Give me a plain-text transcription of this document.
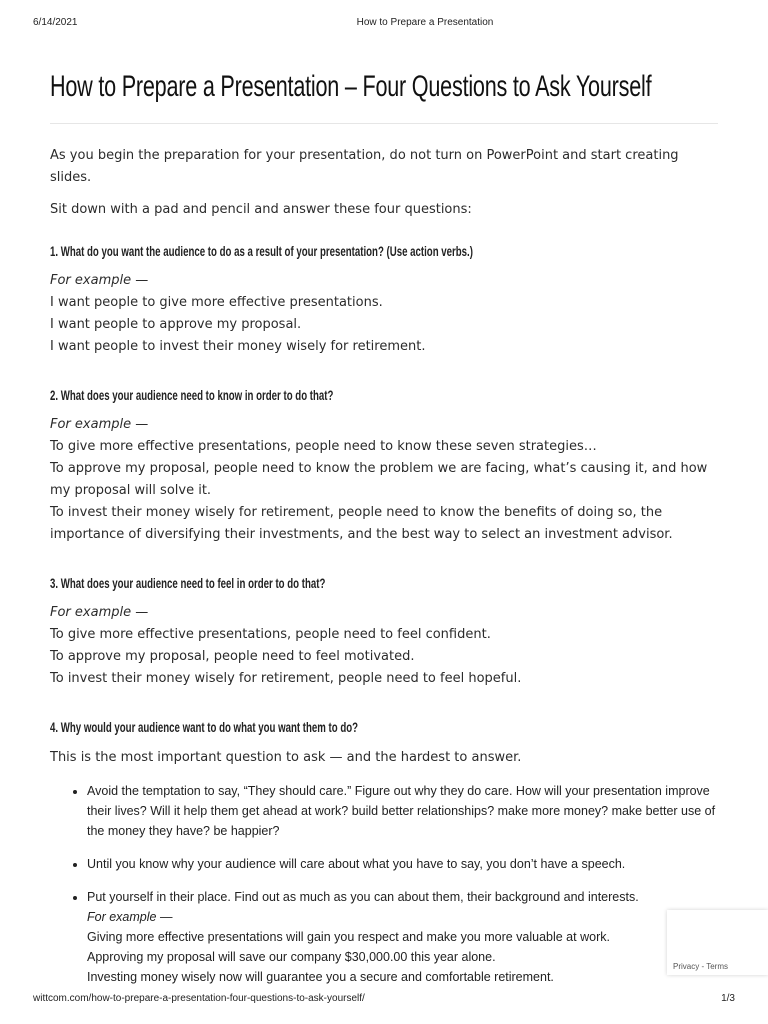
6/14/2021	How to Prepare a Presentation
How to Prepare a Presentation – Four Questions to Ask Yourself

As you begin the preparation for your presentation, do not turn on PowerPoint and start creating slides.

Sit down with a pad and pencil and answer these four questions:

1. What do you want the audience to do as a result of your presentation? (Use action verbs.)

For example —
I want people to give more effective presentations.
I want people to approve my proposal.
I want people to invest their money wisely for retirement.

2. What does your audience need to know in order to do that?

For example —
To give more effective presentations, people need to know these seven strategies…
To approve my proposal, people need to know the problem we are facing, what’s causing it, and how my proposal will solve it.
To invest their money wisely for retirement, people need to know the benefits of doing so, the importance of diversifying their investments, and the best way to select an investment advisor.

3. What does your audience need to feel in order to do that?

For example —
To give more effective presentations, people need to feel confident.
To approve my proposal, people need to feel motivated.
To invest their money wisely for retirement, people need to feel hopeful.

4. Why would your audience want to do what you want them to do?

This is the most important question to ask — and the hardest to answer.

• Avoid the temptation to say, “They should care.” Figure out why they do care. How will your presentation improve their lives? Will it help them get ahead at work? build better relationships? make more money? make better use of the money they have? be happier?
• Until you know why your audience will care about what you have to say, you don’t have a speech.
• Put yourself in their place. Find out as much as you can about them, their background and interests.
For example —
Giving more effective presentations will gain you respect and make you more valuable at work.
Approving my proposal will save our company $30,000.00 this year alone.
Investing money wisely now will guarantee you a secure and comfortable retirement.
Privacy - Terms
wittcom.com/how-to-prepare-a-presentation-four-questions-to-ask-yourself/	1/3
